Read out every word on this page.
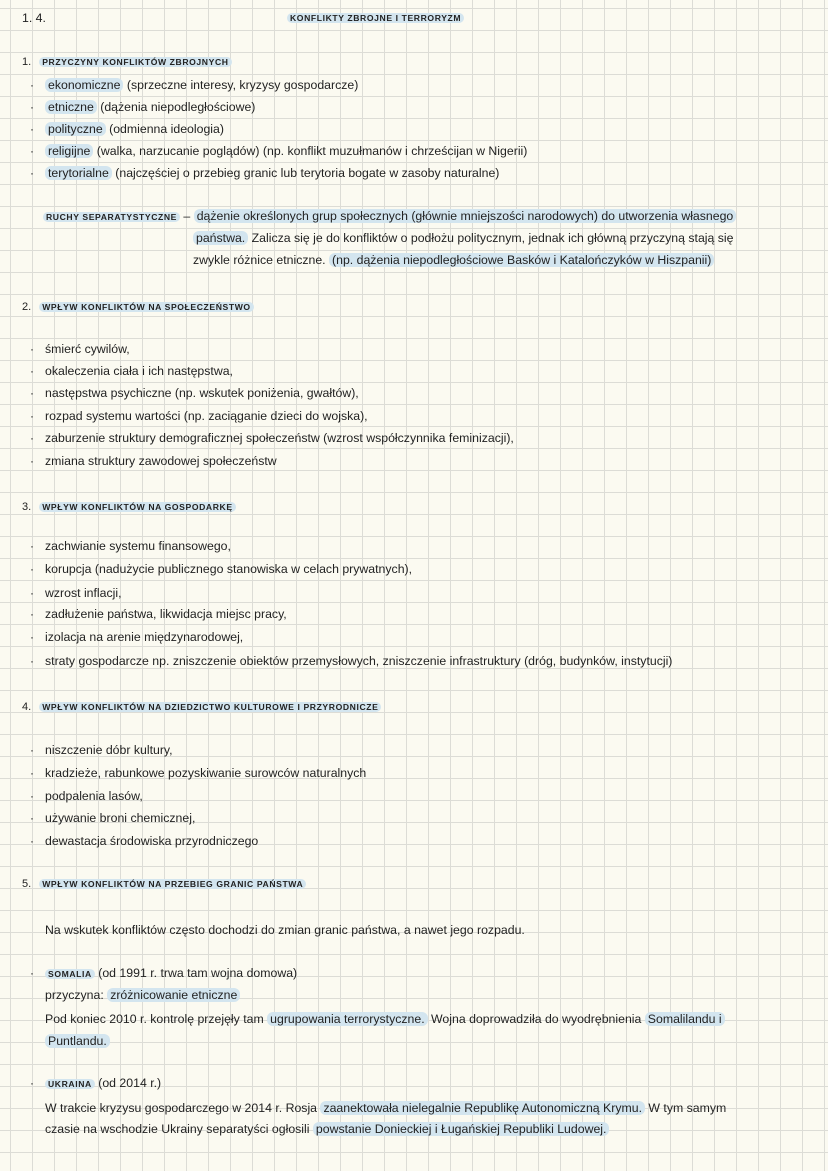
1. 4.	KONFLIKTY ZBROJNE I TERRORYZM
1. PRZYCZYNY KONFLIKTÓW ZBROJNYCH
· ekonomiczne (sprzeczne interesy, kryzysy gospodarcze)
· etniczne (dążenia niepodległościowe)
· polityczne (odmienna ideologia)
· religijne (walka, narzucanie poglądów) (np. konflikt muzułmanów i chrześcijan w Nigerii)
· terytorialne (najczęściej o przebieg granic lub terytoria bogate w zasoby naturalne)
RUCHY SEPARATYSTYCZNE – dążenie określonych grup społecznych (głównie mniejszości narodowych) do utworzenia własnego
państwa. Zalicza się je do konfliktów o podłożu politycznym, jednak ich główną przyczyną stają się
zwykle różnice etniczne. (np. dążenia niepodległościowe Basków i Katalończyków w Hiszpanii)
2. WPŁYW KONFLIKTÓW NA SPOŁECZEŃSTWO
· śmierć cywilów,
· okaleczenia ciała i ich następstwa,
· następstwa psychiczne (np. wskutek poniżenia, gwałtów),
· rozpad systemu wartości (np. zaciąganie dzieci do wojska),
· zaburzenie struktury demograficznej społeczeństw (wzrost współczynnika feminizacji),
· zmiana struktury zawodowej społeczeństw
3. WPŁYW KONFLIKTÓW NA GOSPODARKĘ
· zachwianie systemu finansowego,
· korupcja (nadużycie publicznego stanowiska w celach prywatnych),
· wzrost inflacji,
· zadłużenie państwa, likwidacja miejsc pracy,
· izolacja na arenie międzynarodowej,
· straty gospodarcze np. zniszczenie obiektów przemysłowych, zniszczenie infrastruktury (dróg, budynków, instytucji)
4. WPŁYW KONFLIKTÓW NA DZIEDZICTWO KULTUROWE I PRZYRODNICZE
· niszczenie dóbr kultury,
· kradzieże, rabunkowe pozyskiwanie surowców naturalnych
· podpalenia lasów,
· używanie broni chemicznej,
· dewastacja środowiska przyrodniczego
5. WPŁYW KONFLIKTÓW NA PRZEBIEG GRANIC PAŃSTWA
Na wskutek konfliktów często dochodzi do zmian granic państwa, a nawet jego rozpadu.
· SOMALIA (od 1991 r. trwa tam wojna domowa)
przyczyna: zróżnicowanie etniczne
Pod koniec 2010 r. kontrolę przejęły tam ugrupowania terrorystyczne. Wojna doprowadziła do wyodrębnienia Somalilandu i
Puntlandu.
· UKRAINA (od 2014 r.)
W trakcie kryzysu gospodarczego w 2014 r. Rosja zaanektowała nielegalnie Republikę Autonomiczną Krymu. W tym samym
czasie na wschodzie Ukrainy separatyści ogłosili powstanie Donieckiej i Ługańskiej Republiki Ludowej.
